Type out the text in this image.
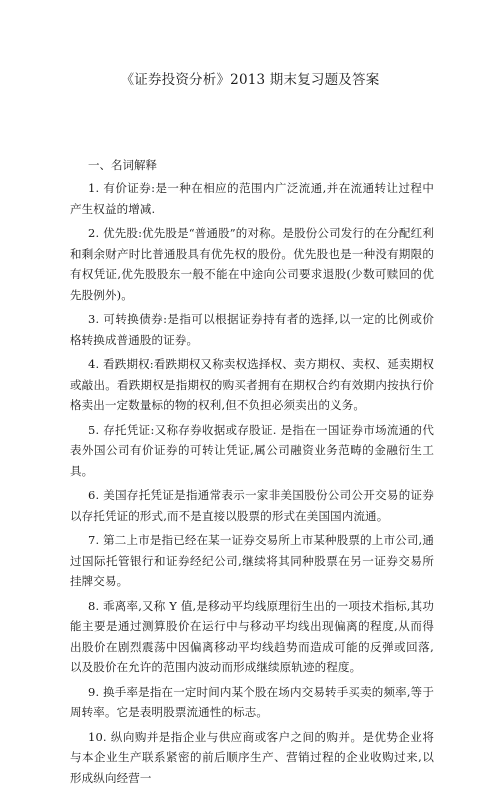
《证券投资分析》2013 期末复习题及答案
一、名词解释

1. 有价证券:是一种在相应的范围内广泛流通,并在流通转让过程中产生权益的增减.

2. 优先股:优先股是“普通股”的对称。是股份公司发行的在分配红利和剩余财产时比普通股具有优先权的股份。优先股也是一种没有期限的有权凭证,优先股股东一般不能在中途向公司要求退股(少数可赎回的优先股例外)。

3. 可转换债券:是指可以根据证券持有者的选择,以一定的比例或价格转换成普通股的证券。

4. 看跌期权:看跌期权又称卖权选择权、卖方期权、卖权、延卖期权或敲出。看跌期权是指期权的购买者拥有在期权合约有效期内按执行价格卖出一定数量标的物的权利,但不负担必须卖出的义务。

5. 存托凭证:又称存券收据或存股证. 是指在一国证券市场流通的代表外国公司有价证券的可转让凭证,属公司融资业务范畴的金融衍生工具。

6. 美国存托凭证是指通常表示一家非美国股份公司公开交易的证券以存托凭证的形式,而不是直接以股票的形式在美国国内流通。

7. 第二上市是指已经在某一证券交易所上市某种股票的上市公司,通过国际托管银行和证券经纪公司,继续将其同种股票在另一证券交易所挂牌交易。

8. 乖离率,又称 Y 值,是移动平均线原理衍生出的一项技术指标,其功能主要是通过测算股价在运行中与移动平均线出现偏离的程度,从而得出股价在剧烈震荡中因偏离移动平均线趋势而造成可能的反弹或回落,以及股价在允许的范围内波动而形成继续原轨迹的程度。

9. 换手率是指在一定时间内某个股在场内交易转手买卖的频率,等于周转率。它是表明股票流通性的标志。

10. 纵向购并是指企业与供应商或客户之间的购并。是优势企业将与本企业生产联系紧密的前后顺序生产、营销过程的企业收购过来,以形成纵向经营一
